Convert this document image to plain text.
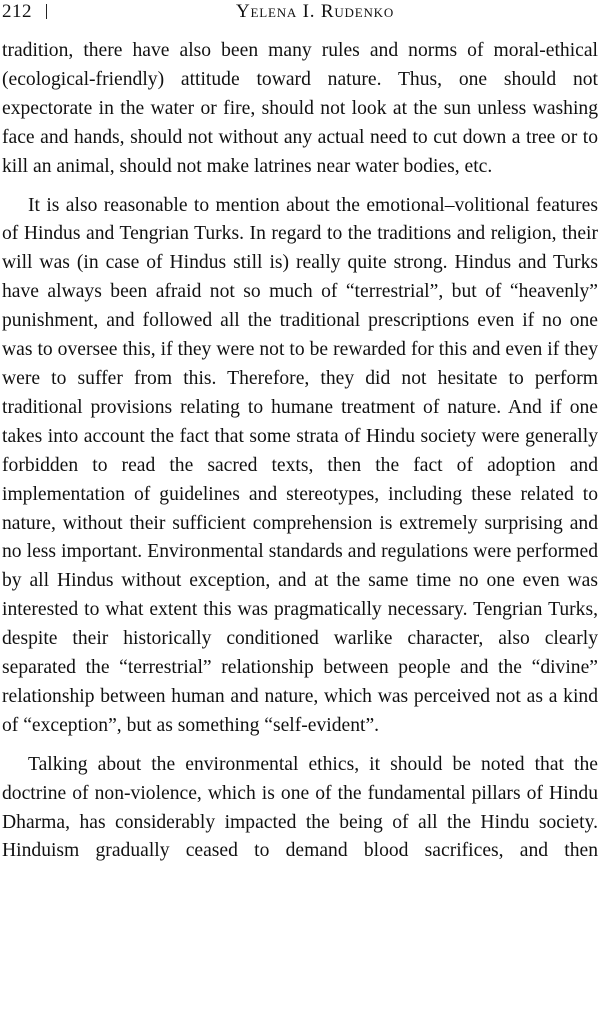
212	Yelena I. Rudenko

tradition, there have also been many rules and norms of moral-ethical (ecological-friendly) attitude toward nature. Thus, one should not expectorate in the water or fire, should not look at the sun unless washing face and hands, should not without any actual need to cut down a tree or to kill an animal, should not make latrines near water bodies, etc.

It is also reasonable to mention about the emotional–volitional features of Hindus and Tengrian Turks. In regard to the traditions and religion, their will was (in case of Hindus still is) really quite strong. Hindus and Turks have always been afraid not so much of “terrestrial”, but of “heavenly” punishment, and followed all the traditional prescriptions even if no one was to oversee this, if they were not to be rewarded for this and even if they were to suffer from this. Therefore, they did not hesitate to perform traditional provisions relating to humane treatment of nature. And if one takes into account the fact that some strata of Hindu society were generally forbidden to read the sacred texts, then the fact of adoption and implementation of guidelines and stereotypes, including these related to nature, without their sufficient comprehension is extremely surprising and no less important. Environmental standards and regulations were performed by all Hindus without exception, and at the same time no one even was interested to what extent this was pragmatically necessary. Tengrian Turks, despite their historically conditioned warlike character, also clearly separated the “terrestrial” relationship between people and the “divine” relationship between human and nature, which was perceived not as a kind of “exception”, but as something “self-evident”.

Talking about the environmental ethics, it should be noted that the doctrine of non-violence, which is one of the fundamental pillars of Hindu Dharma, has considerably impacted the being of all the Hindu society. Hinduism gradually ceased to demand blood sacrifices, and then
